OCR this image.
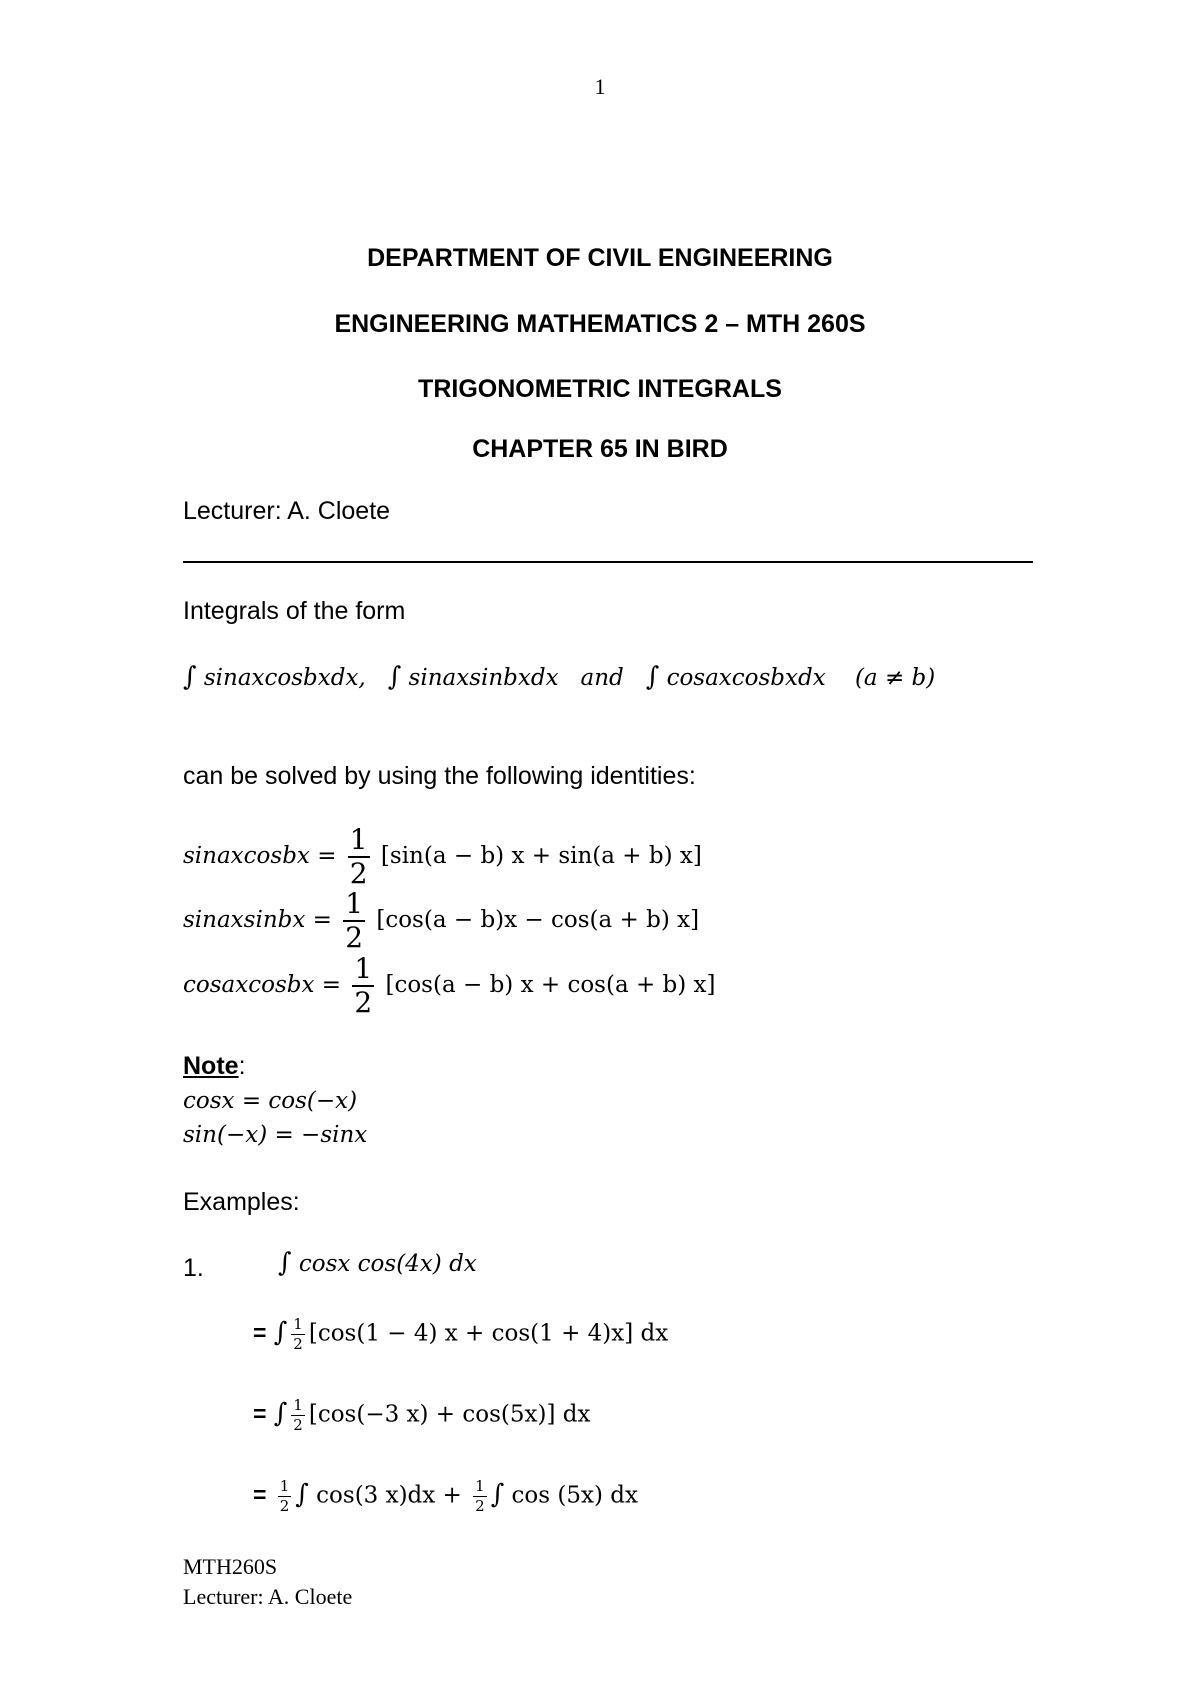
1
DEPARTMENT OF CIVIL ENGINEERING
ENGINEERING MATHEMATICS 2 – MTH 260S
TRIGONOMETRIC INTEGRALS
CHAPTER 65 IN BIRD
Lecturer: A. Cloete
Integrals of the form
∫ sinaxcosbxdx, ∫ sinaxsinbxdx and ∫ cosaxcosbxdx (a ≠ b)
can be solved by using the following identities:
sinaxcosbx = $\frac{1}{2} [\sin(a - b) x + \sin(a + b)$ x]
sinaxsinbx = $\frac{1}{2} [\cos(a - b)x - \cos(a + b)$ x]
cosaxcosbx = $\frac{1}{2} [\cos(a - b) x + \cos(a + b)$ x]
Note:
cosx = cos(−x)
sin(−x) = −sinx
Examples:
1.	∫ cosx cos(4x) dx
= ∫ $\frac{1}{2} [\cos(1 - 4) x + \cos(1 + 4)x]$ dx
= ∫ $\frac{1}{2} [\cos(-3$ x) + cos(5x)] dx
= $\frac{1}{2}$ ∫ cos(3 $x)dx + \frac{1}{2}$ ∫ cos (5x) dx
MTH260S
Lecturer: A. Cloete
